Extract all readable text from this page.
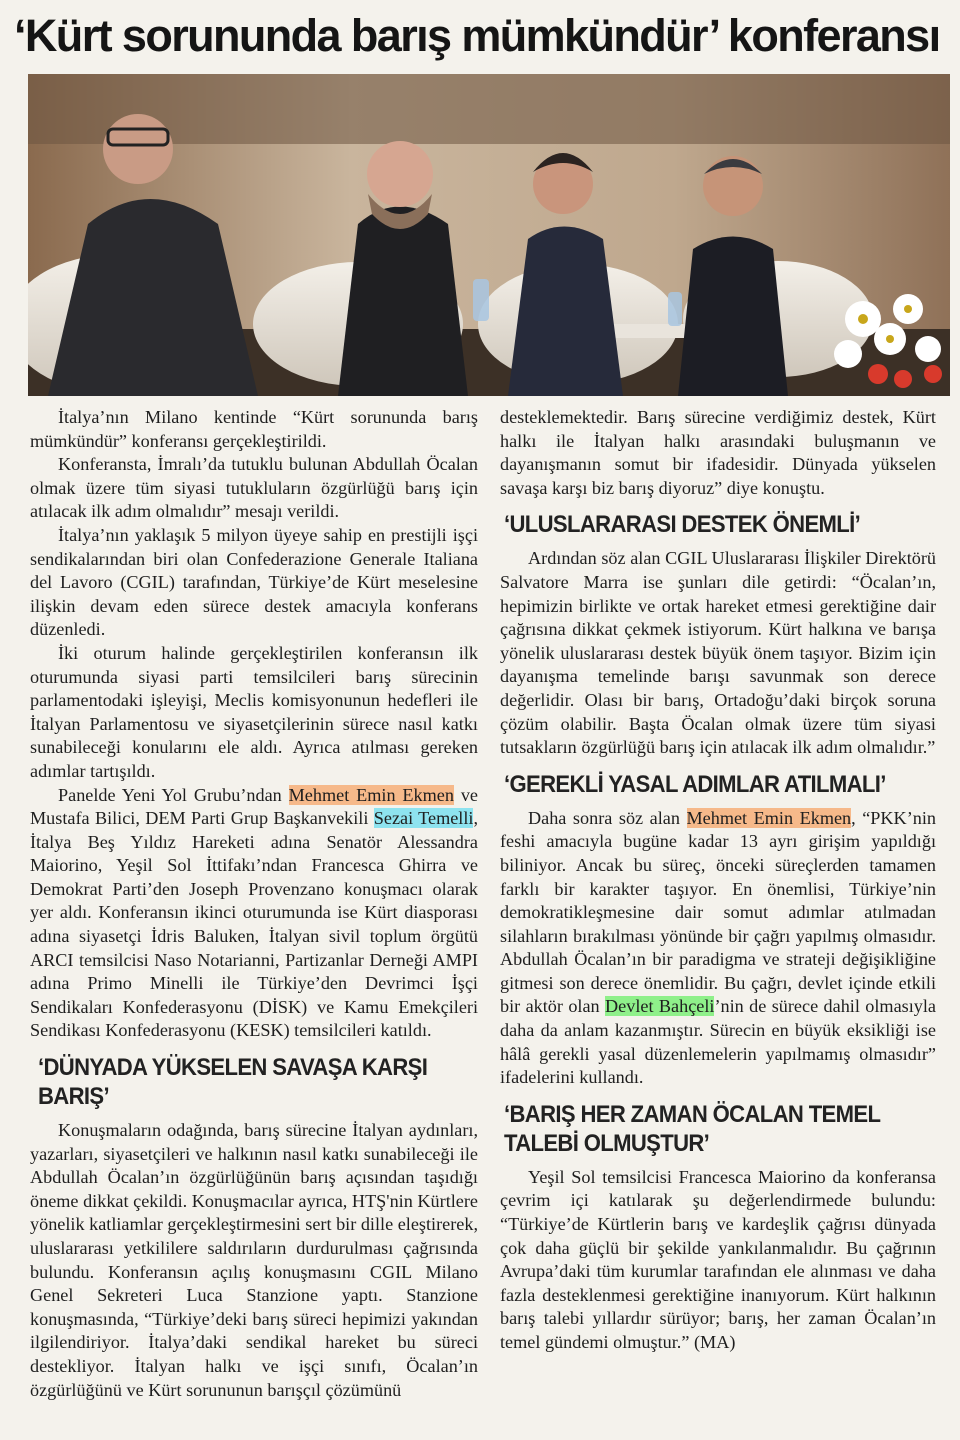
‘Kürt sorununda barış mümkündür’ konferansı

İtalya’nın Milano kentinde “Kürt sorununda barış mümkündür” konferansı gerçekleştirildi.

Konferansta, İmralı’da tutuklu bulunan Abdullah Öcalan olmak üzere tüm siyasi tutukluların özgürlüğü barış için atılacak ilk adım olmalıdır” mesajı verildi.

İtalya’nın yaklaşık 5 milyon üyeye sahip en prestijli işçi sendikalarından biri olan Confederazione Generale Italiana del Lavoro (CGIL) tarafından, Türkiye’de Kürt meselesine ilişkin devam eden sürece destek amacıyla konferans düzenledi.

İki oturum halinde gerçekleştirilen konferansın ilk oturumunda siyasi parti temsilcileri barış sürecinin parlamentodaki işleyişi, Meclis komisyonunun hedefleri ile İtalyan Parlamentosu ve siyasetçilerinin sürece nasıl katkı sunabileceği konularını ele aldı. Ayrıca atılması gereken adımlar tartışıldı.

Panelde Yeni Yol Grubu’ndan Mehmet Emin Ekmen ve Mustafa Bilici, DEM Parti Grup Başkanvekili Sezai Temelli, İtalya Beş Yıldız Hareketi adına Senatör Alessandra Maiorino, Yeşil Sol İttifakı’ndan Francesca Ghirra ve Demokrat Parti’den Joseph Provenzano konuşmacı olarak yer aldı. Konferansın ikinci oturumunda ise Kürt diasporası adına siyasetçi İdris Baluken, İtalyan sivil toplum örgütü ARCI temsilcisi Naso Notarianni, Partizanlar Derneği AMPI adına Primo Minelli ile Türkiye’den Devrimci İşçi Sendikaları Konfederasyonu (DİSK) ve Kamu Emekçileri Sendikası Konfederasyonu (KESK) temsilcileri katıldı.

‘DÜNYADA YÜKSELEN SAVAŞA KARŞI BARIŞ’

Konuşmaların odağında, barış sürecine İtalyan aydınları, yazarları, siyasetçileri ve halkının nasıl katkı sunabileceği ile Abdullah Öcalan’ın özgürlüğünün barış açısından taşıdığı öneme dikkat çekildi. Konuşmacılar ayrıca, HTŞ'nin Kürtlere yönelik katliamlar gerçekleştirmesini sert bir dille eleştirerek, uluslararası yetkililere saldırıların durdurulması çağrısında bulundu. Konferansın açılış konuşmasını CGIL Milano Genel Sekreteri Luca Stanzione yaptı. Stanzione konuşmasında, “Türkiye’deki barış süreci hepimizi yakından ilgilendiriyor. İtalya’daki sendikal hareket bu süreci destekliyor. İtalyan halkı ve işçi sınıfı, Öcalan’ın özgürlüğünü ve Kürt sorununun barışçıl çözümünü

desteklemektedir. Barış sürecine verdiğimiz destek, Kürt halkı ile İtalyan halkı arasındaki buluşmanın ve dayanışmanın somut bir ifadesidir. Dünyada yükselen savaşa karşı biz barış diyoruz” diye konuştu.

‘ULUSLARARASI DESTEK ÖNEMLİ’

Ardından söz alan CGIL Uluslararası İlişkiler Direktörü Salvatore Marra ise şunları dile getirdi: “Öcalan’ın, hepimizin birlikte ve ortak hareket etmesi gerektiğine dair çağrısına dikkat çekmek istiyorum. Kürt halkına ve barışa yönelik uluslararası destek büyük önem taşıyor. Bizim için dayanışma temelinde barışı savunmak son derece değerlidir. Olası bir barış, Ortadoğu’daki birçok soruna çözüm olabilir. Başta Öcalan olmak üzere tüm siyasi tutsakların özgürlüğü barış için atılacak ilk adım olmalıdır.”

‘GEREKLİ YASAL ADIMLAR ATILMALI’

Daha sonra söz alan Mehmet Emin Ekmen, “PKK’nin feshi amacıyla bugüne kadar 13 ayrı girişim yapıldığı biliniyor. Ancak bu süreç, önceki süreçlerden tamamen farklı bir karakter taşıyor. En önemlisi, Türkiye’nin demokratikleşmesine dair somut adımlar atılmadan silahların bırakılması yönünde bir çağrı yapılmış olmasıdır. Abdullah Öcalan’ın bir paradigma ve strateji değişikliğine gitmesi son derece önemlidir. Bu çağrı, devlet içinde etkili bir aktör olan Devlet Bahçeli’nin de sürece dahil olmasıyla daha da anlam kazanmıştır. Sürecin en büyük eksikliği ise hâlâ gerekli yasal düzenlemelerin yapılmamış olmasıdır” ifadelerini kullandı.

‘BARIŞ HER ZAMAN ÖCALAN TEMEL TALEBİ OLMUŞTUR’

Yeşil Sol temsilcisi Francesca Maiorino da konferansa çevrim içi katılarak şu değerlendirmede bulundu: “Türkiye’de Kürtlerin barış ve kardeşlik çağrısı dünyada çok daha güçlü bir şekilde yankılanmalıdır. Bu çağrının Avrupa’daki tüm kurumlar tarafından ele alınması ve daha fazla desteklenmesi gerektiğine inanıyorum. Kürt halkının barış talebi yıllardır sürüyor; barış, her zaman Öcalan’ın temel gündemi olmuştur.” (MA)
